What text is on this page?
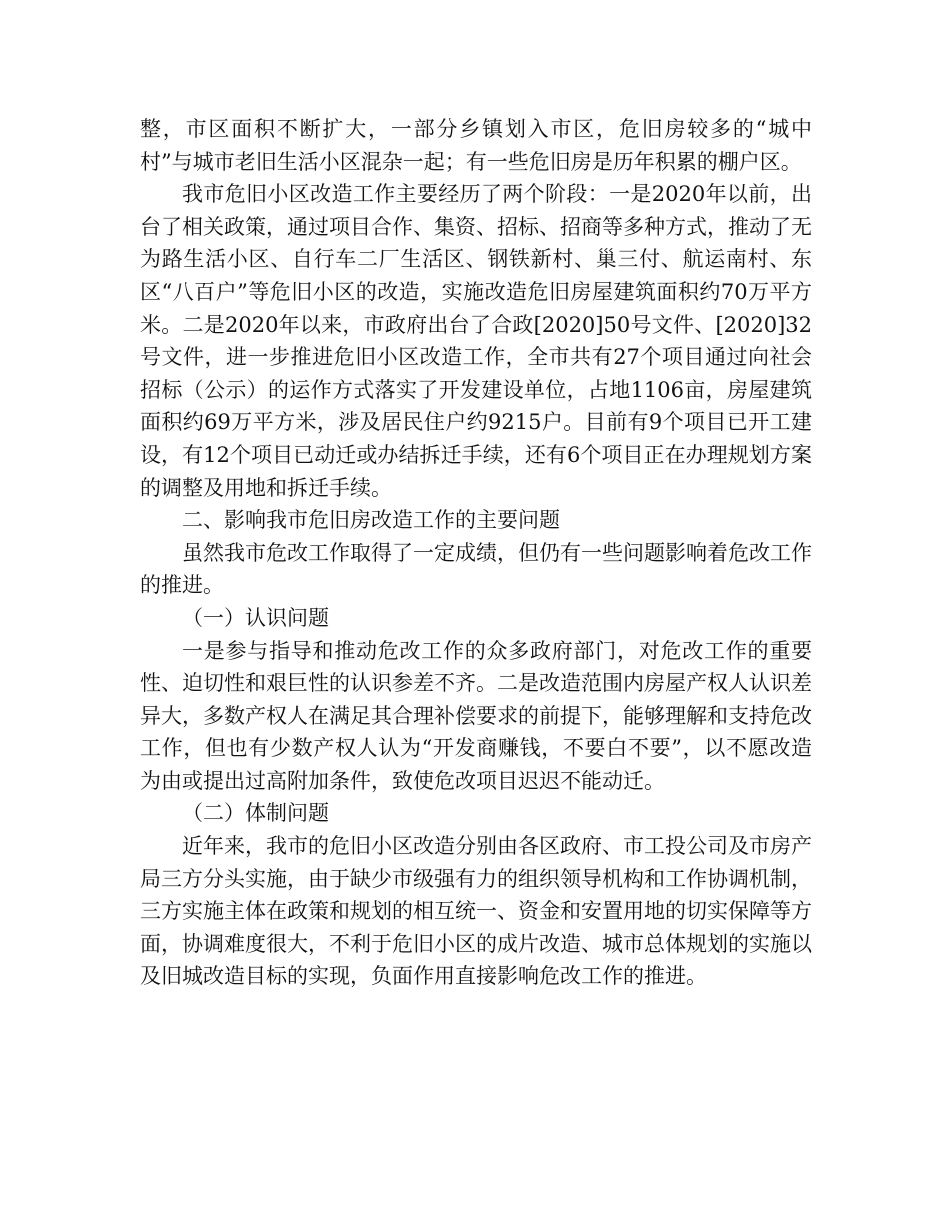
整，市区面积不断扩大，一部分乡镇划入市区，危旧房较多的“城中村”与城市老旧生活小区混杂一起；有一些危旧房是历年积累的棚户区。

我市危旧小区改造工作主要经历了两个阶段：一是2020年以前，出台了相关政策，通过项目合作、集资、招标、招商等多种方式，推动了无为路生活小区、自行车二厂生活区、钢铁新村、巢三付、航运南村、东区“八百户”等危旧小区的改造，实施改造危旧房屋建筑面积约70万平方米。二是2020年以来，市政府出台了合政[2020]50号文件、[2020]32号文件，进一步推进危旧小区改造工作，全市共有27个项目通过向社会招标（公示）的运作方式落实了开发建设单位，占地1106亩，房屋建筑面积约69万平方米，涉及居民住户约9215户。目前有9个项目已开工建设，有12个项目已动迁或办结拆迁手续，还有6个项目正在办理规划方案的调整及用地和拆迁手续。

二、影响我市危旧房改造工作的主要问题

虽然我市危改工作取得了一定成绩，但仍有一些问题影响着危改工作的推进。

（一）认识问题

一是参与指导和推动危改工作的众多政府部门，对危改工作的重要性、迫切性和艰巨性的认识参差不齐。二是改造范围内房屋产权人认识差异大，多数产权人在满足其合理补偿要求的前提下，能够理解和支持危改工作，但也有少数产权人认为“开发商赚钱，不要白不要”，以不愿改造为由或提出过高附加条件，致使危改项目迟迟不能动迁。

（二）体制问题

近年来，我市的危旧小区改造分别由各区政府、市工投公司及市房产局三方分头实施，由于缺少市级强有力的组织领导机构和工作协调机制，三方实施主体在政策和规划的相互统一、资金和安置用地的切实保障等方面，协调难度很大，不利于危旧小区的成片改造、城市总体规划的实施以及旧城改造目标的实现，负面作用直接影响危改工作的推进。
